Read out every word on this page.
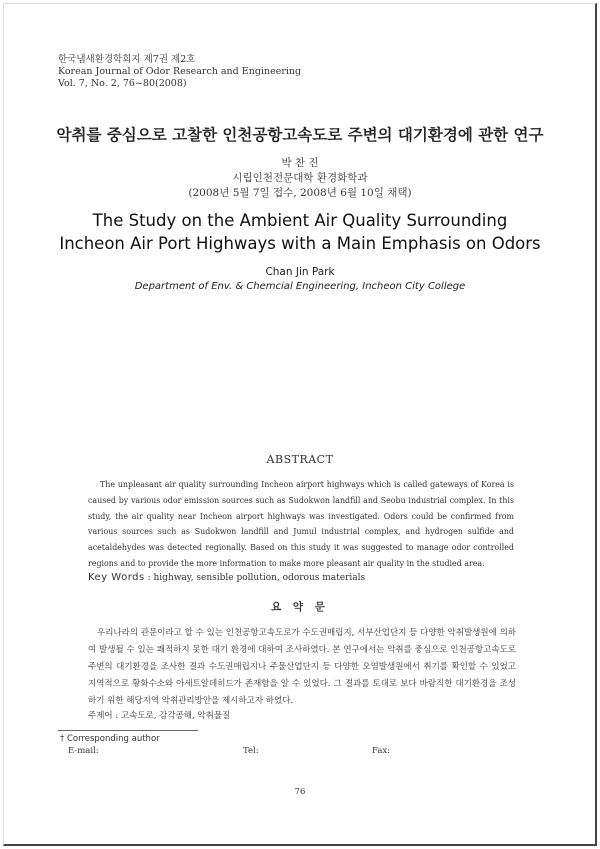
한국냄새환경학회지 제7권 제2호
Korean Journal of Odor Research and Engineering
Vol. 7, No. 2, 76~80(2008)
악취를 중심으로 고찰한 인천공항고속도로 주변의 대기환경에 관한 연구
박 찬 진
시립인천전문대학 환경화학과
(2008년 5월 7일 접수, 2008년 6월 10일 채택)
The Study on the Ambient Air Quality Surrounding
Incheon Air Port Highways with a Main Emphasis on Odors
Chan Jin Park
Department of Env. & Chemcial Engineering, Incheon City College
ABSTRACT
The unpleasant air quality surrounding Incheon airport highways which is called gateways of Korea is caused by various odor emission sources such as Sudokwon landfill and Seobu industrial complex. In this study, the air quality near Incheon airport highways was investigated. Odors could be confirmed from various sources such as Sudokwon landfill and Jumul industrial complex, and hydrogen sulfide and acetaldehydes was detected regionally. Based on this study it was suggested to manage odor controlled regions and to provide the more information to make more pleasant air quality in the studied area.
Key Words : highway, sensible pollution, odorous materials
요 약 문
우리나라의 관문이라고 할 수 있는 인천공항고속도로가 수도권매립지, 서부산업단지 등 다양한 악취발생원에 의하여 발생될 수 있는 쾌적하지 못한 대기 환경에 대하여 조사하였다. 본 연구에서는 악취를 중심으로 인천공항고속도로 주변의 대기환경을 조사한 결과 수도권매립지나 주물산업단지 등 다양한 오염발생원에서 취기를 확인할 수 있었고 지역적으로 황화수소와 아세트알데히드가 존재함을 알 수 있었다. 그 결과를 토대로 보다 바람직한 대기환경을 조성하기 위한 해당지역 악취관리방안을 제시하고자 하였다.
주제어 : 고속도로, 감각공해, 악취물질
† Corresponding author
E-mail:	Tel:	Fax:
76
